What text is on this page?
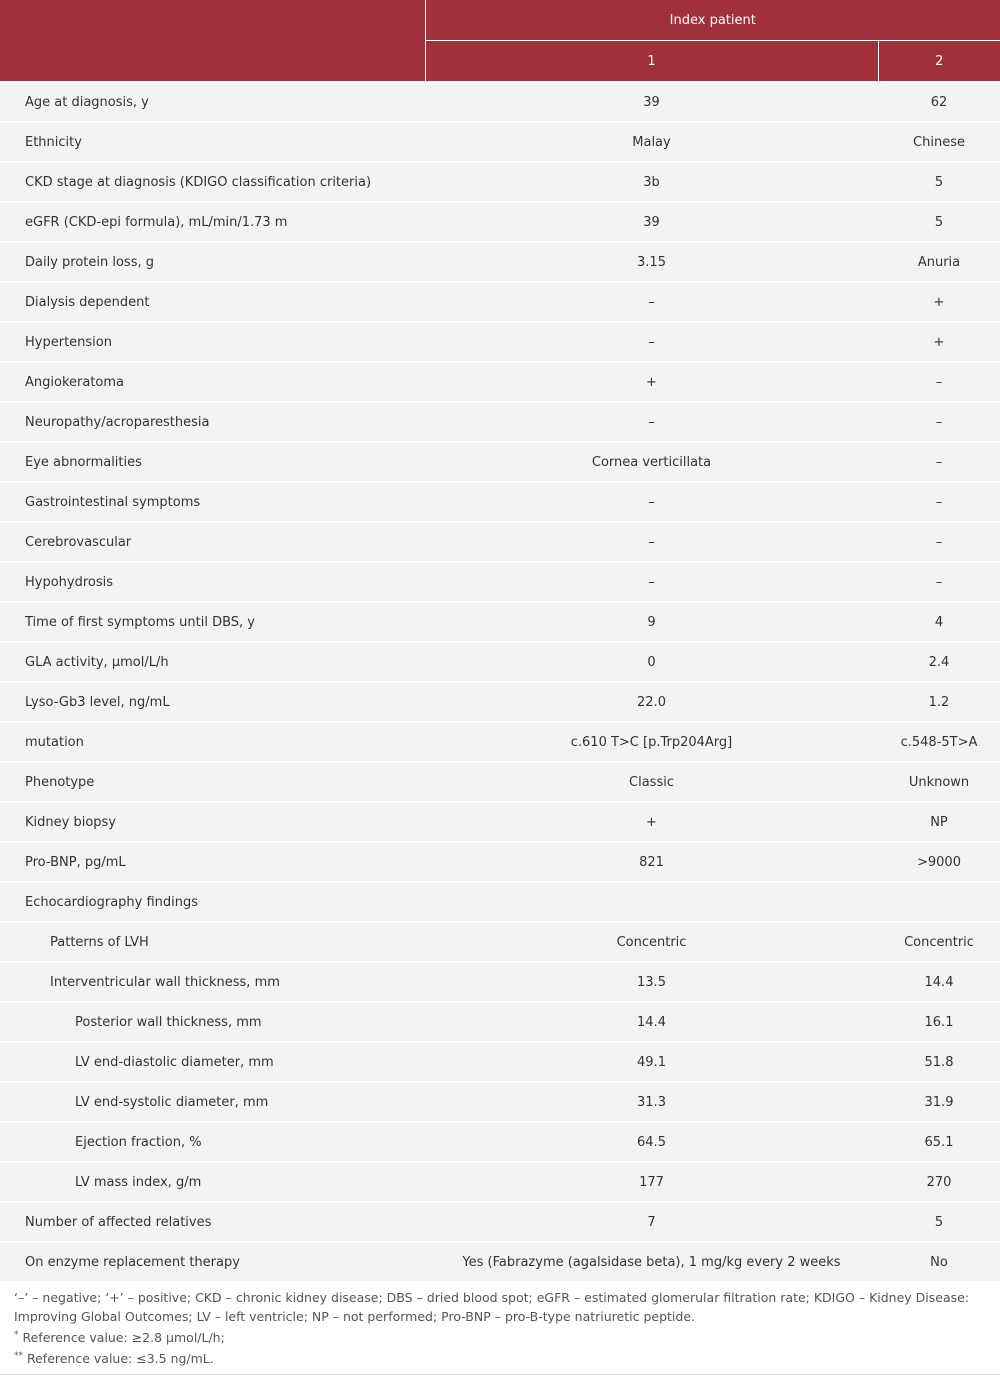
	Index patient	
	1	2
Age at diagnosis, y	39	62
Ethnicity	Malay	Chinese
CKD stage at diagnosis (KDIGO classification criteria)	3b	5
eGFR (CKD-epi formula), mL/min/1.73 m	39	5
Daily protein loss, g	3.15	Anuria
Dialysis dependent	–	+
Hypertension	–	+
Angiokeratoma	+	–
Neuropathy/acroparesthesia	–	–
Eye abnormalities	Cornea verticillata	–
Gastrointestinal symptoms	–	–
Cerebrovascular	–	–
Hypohydrosis	–	–
Time of first symptoms until DBS, y	9	4
GLA activity, µmol/L/h	0	2.4
Lyso-Gb3 level, ng/mL	22.0	1.2
mutation	c.610 T>C [p.Trp204Arg]	c.548-5T>A
Phenotype	Classic	Unknown
Kidney biopsy	+	NP
Pro-BNP, pg/mL	821	>9000
Echocardiography findings		
Patterns of LVH	Concentric	Concentric
Interventricular wall thickness, mm	13.5	14.4
Posterior wall thickness, mm	14.4	16.1
LV end-diastolic diameter, mm	49.1	51.8
LV end-systolic diameter, mm	31.3	31.9
Ejection fraction, %	64.5	65.1
LV mass index, g/m	177	270
Number of affected relatives	7	5
On enzyme replacement therapy	Yes (Fabrazyme (agalsidase beta), 1 mg/kg every 2 weeks	No
‘–’ – negative; ‘+’ – positive; CKD – chronic kidney disease; DBS – dried blood spot; eGFR – estimated glomerular filtration rate; KDIGO – Kidney Disease: Improving Global Outcomes; LV – left ventricle; NP – not performed; Pro-BNP – pro-B-type natriuretic peptide.
* Reference value: ≥2.8 µmol/L/h;
** Reference value: ≤3.5 ng/mL.
